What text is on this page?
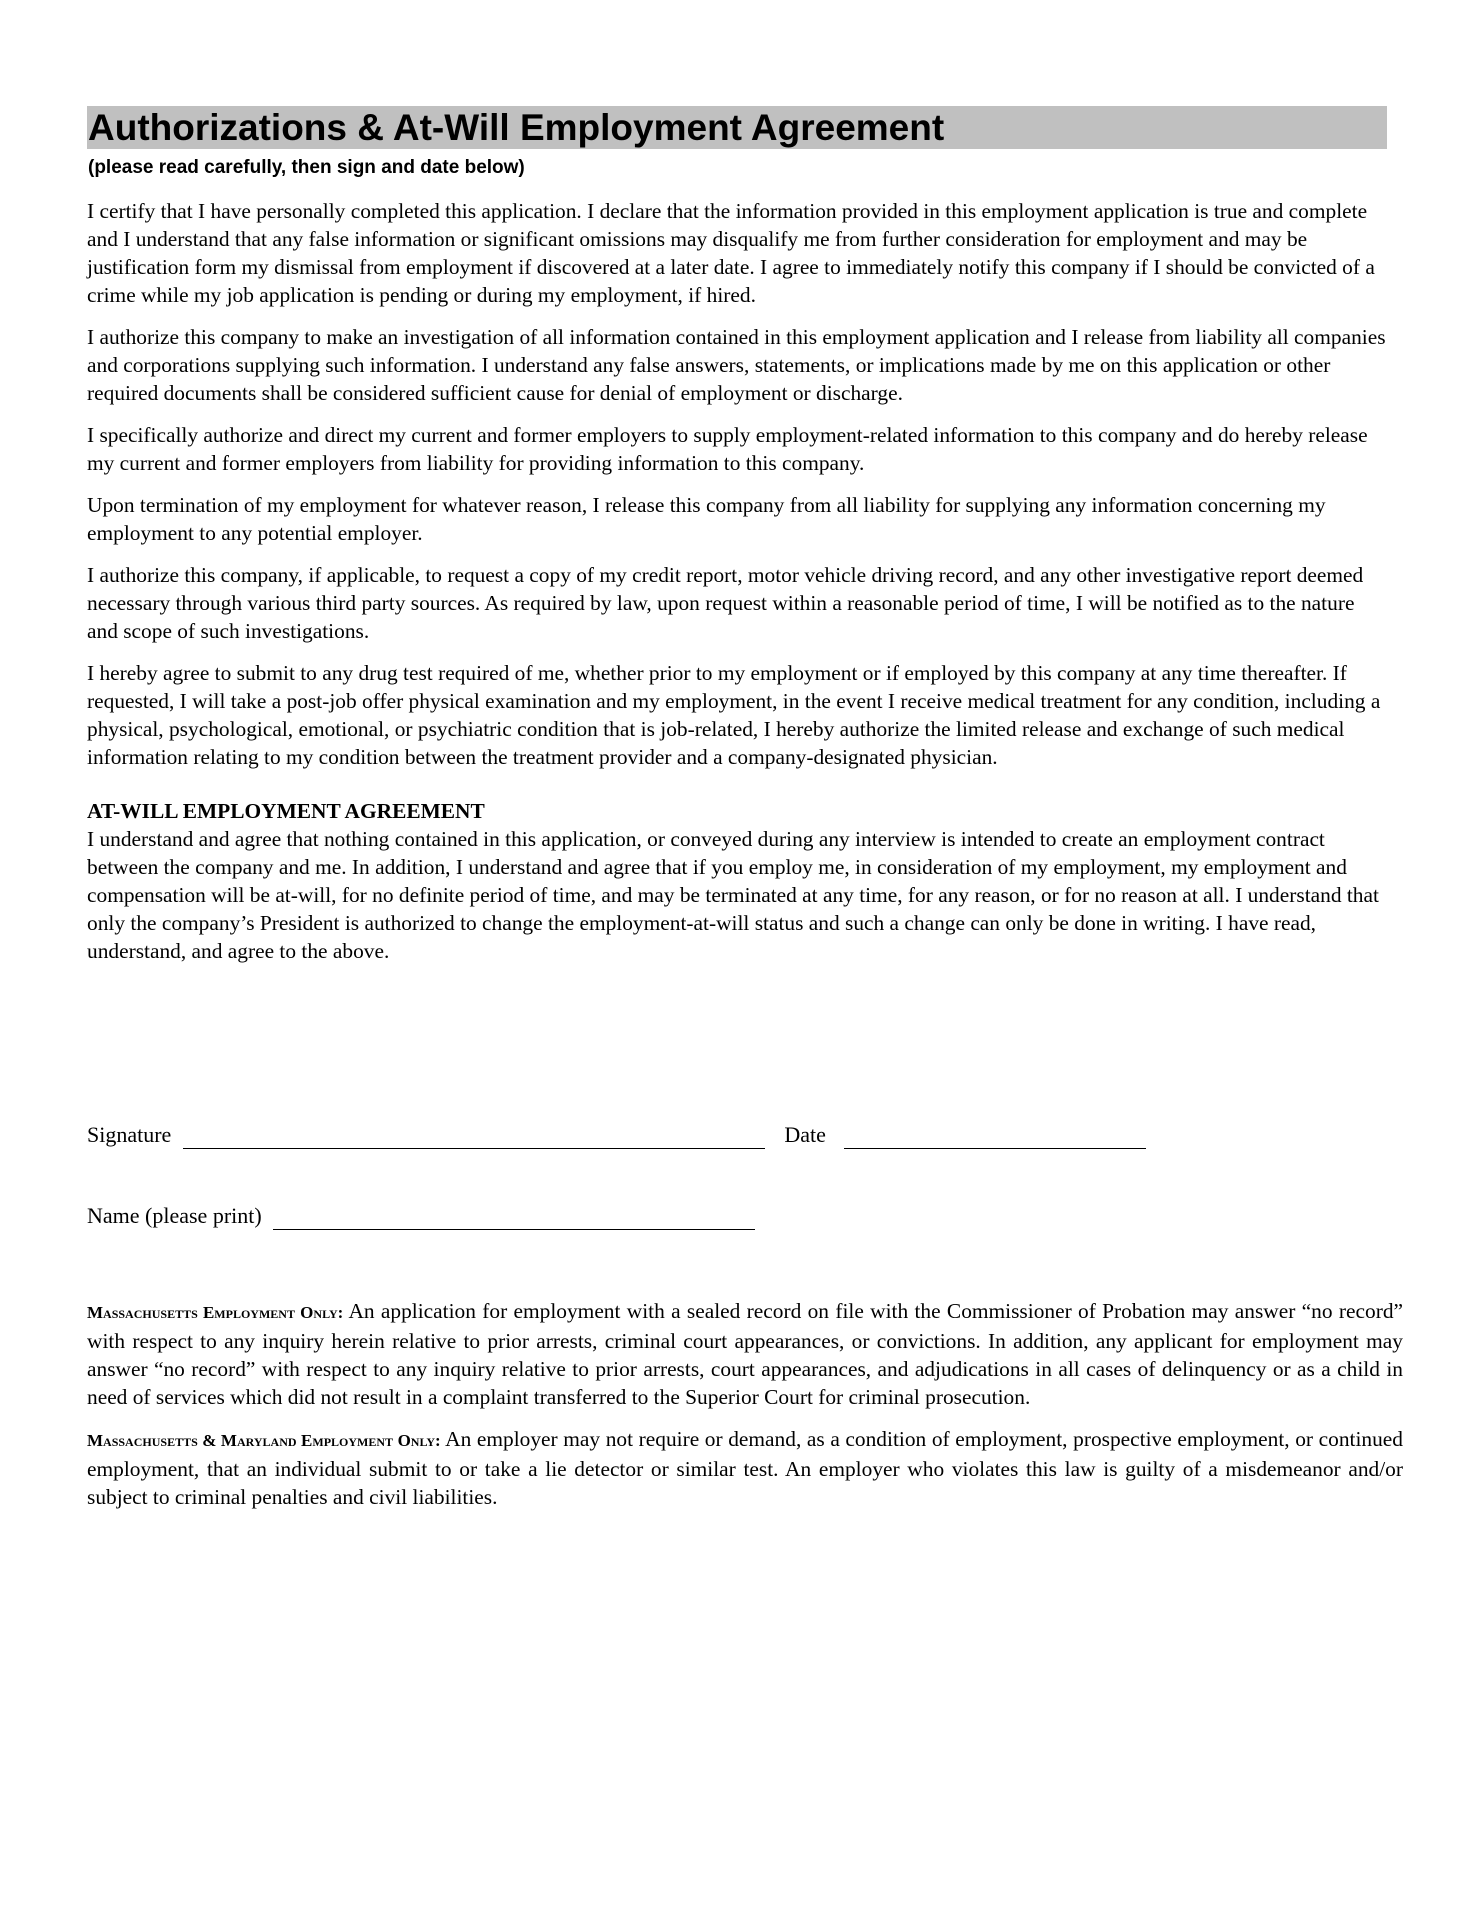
Authorizations & At-Will Employment Agreement
(please read carefully, then sign and date below)

I certify that I have personally completed this application. I declare that the information provided in this employment application is true and complete and I understand that any false information or significant omissions may disqualify me from further consideration for employment and may be justification form my dismissal from employment if discovered at a later date. I agree to immediately notify this company if I should be convicted of a crime while my job application is pending or during my employment, if hired.

I authorize this company to make an investigation of all information contained in this employment application and I release from liability all companies and corporations supplying such information. I understand any false answers, statements, or implications made by me on this application or other required documents shall be considered sufficient cause for denial of employment or discharge.

I specifically authorize and direct my current and former employers to supply employment-related information to this company and do hereby release my current and former employers from liability for providing information to this company.

Upon termination of my employment for whatever reason, I release this company from all liability for supplying any information concerning my employment to any potential employer.

I authorize this company, if applicable, to request a copy of my credit report, motor vehicle driving record, and any other investigative report deemed necessary through various third party sources. As required by law, upon request within a reasonable period of time, I will be notified as to the nature and scope of such investigations.

I hereby agree to submit to any drug test required of me, whether prior to my employment or if employed by this company at any time thereafter. If requested, I will take a post-job offer physical examination and my employment, in the event I receive medical treatment for any condition, including a physical, psychological, emotional, or psychiatric condition that is job-related, I hereby authorize the limited release and exchange of such medical information relating to my condition between the treatment provider and a company-designated physician.

AT-WILL EMPLOYMENT AGREEMENT

I understand and agree that nothing contained in this application, or conveyed during any interview is intended to create an employment contract between the company and me. In addition, I understand and agree that if you employ me, in consideration of my employment, my employment and compensation will be at-will, for no definite period of time, and may be terminated at any time, for any reason, or for no reason at all. I understand that only the company’s President is authorized to change the employment-at-will status and such a change can only be done in writing. I have read, understand, and agree to the above.

Signature	Date
Name (please print)

Massachusetts Employment Only: An application for employment with a sealed record on file with the Commissioner of Probation may answer “no record” with respect to any inquiry herein relative to prior arrests, criminal court appearances, or convictions. In addition, any applicant for employment may answer “no record” with respect to any inquiry relative to prior arrests, court appearances, and adjudications in all cases of delinquency or as a child in need of services which did not result in a complaint transferred to the Superior Court for criminal prosecution.

Massachusetts & Maryland Employment Only: An employer may not require or demand, as a condition of employment, prospective employment, or continued employment, that an individual submit to or take a lie detector or similar test. An employer who violates this law is guilty of a misdemeanor and/or subject to criminal penalties and civil liabilities.
